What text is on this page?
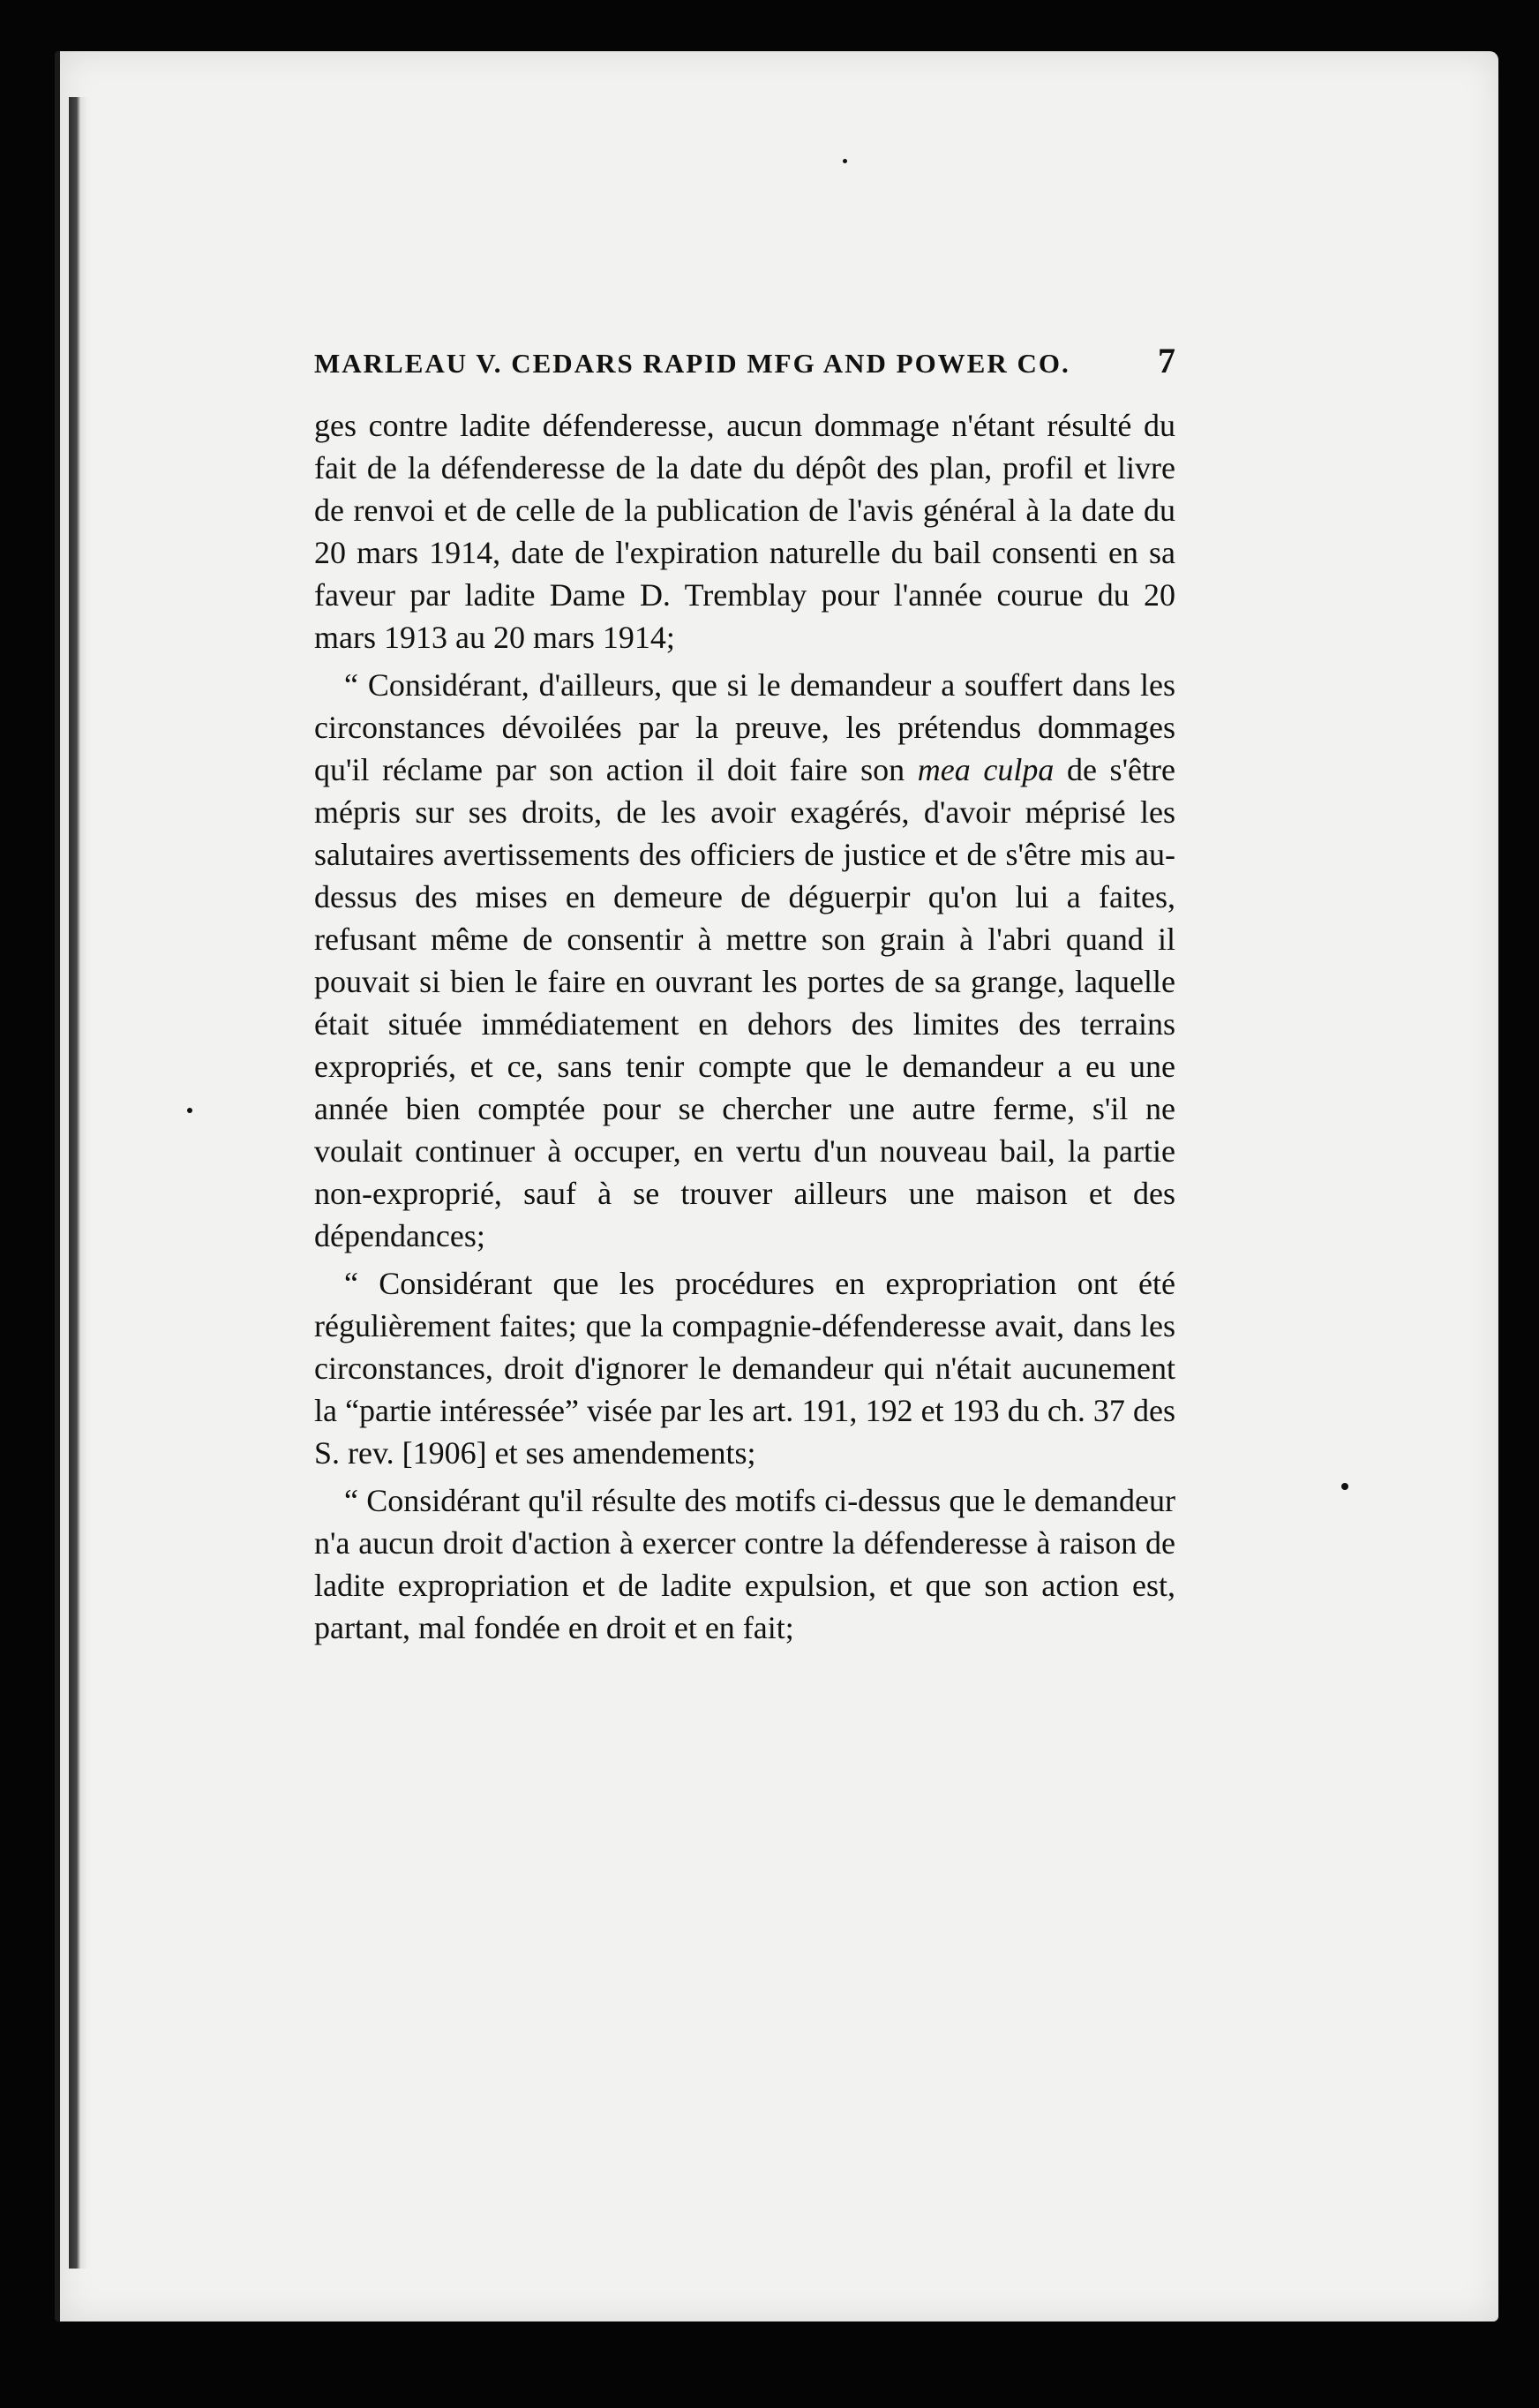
MARLEAU V. CEDARS RAPID MFG AND POWER CO. 7

ges contre ladite défenderesse, aucun dommage n'étant résulté du fait de la défenderesse de la date du dépôt des plan, profil et livre de renvoi et de celle de la publication de l'avis général à la date du 20 mars 1914, date de l'expiration naturelle du bail consenti en sa faveur par ladite Dame D. Tremblay pour l'année courue du 20 mars 1913 au 20 mars 1914;

“ Considérant, d'ailleurs, que si le demandeur a souffert dans les circonstances dévoilées par la preuve, les prétendus dommages qu'il réclame par son action il doit faire son mea culpa de s'être mépris sur ses droits, de les avoir exagérés, d'avoir méprisé les salutaires avertissements des officiers de justice et de s'être mis au-dessus des mises en demeure de déguerpir qu'on lui a faites, refusant même de consentir à mettre son grain à l'abri quand il pouvait si bien le faire en ouvrant les portes de sa grange, laquelle était située immédiatement en dehors des limites des terrains expropriés, et ce, sans tenir compte que le demandeur a eu une année bien comptée pour se chercher une autre ferme, s'il ne voulait continuer à occuper, en vertu d'un nouveau bail, la partie non-exproprié, sauf à se trouver ailleurs une maison et des dépendances;

“ Considérant que les procédures en expropriation ont été régulièrement faites; que la compagnie-défenderesse avait, dans les circonstances, droit d'ignorer le demandeur qui n'était aucunement la “partie intéressée” visée par les art. 191, 192 et 193 du ch. 37 des S. rev. [1906] et ses amendements;

“ Considérant qu'il résulte des motifs ci-dessus que le demandeur n'a aucun droit d'action à exercer contre la défenderesse à raison de ladite expropriation et de ladite expulsion, et que son action est, partant, mal fondée en droit et en fait;
